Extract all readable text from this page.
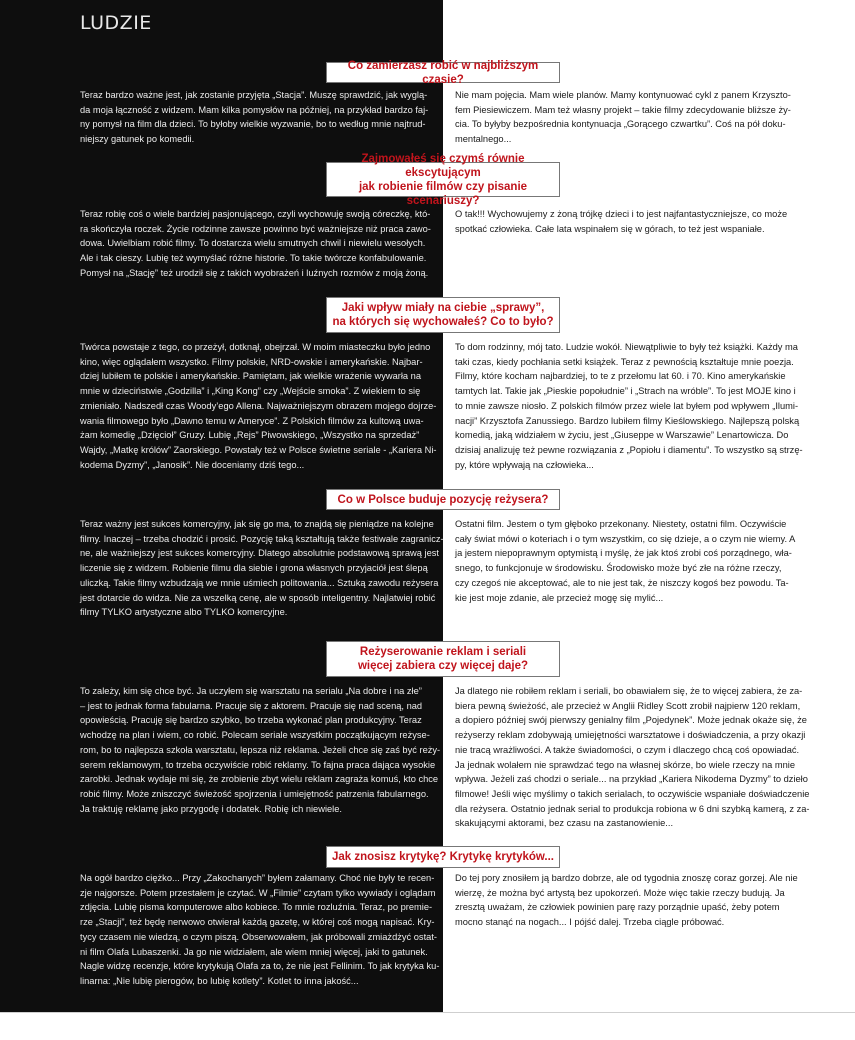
LUDZIE
Co zamierzasz robić w najbliższym czasie?
Teraz bardzo ważne jest, jak zostanie przyjęta „Stacja”. Muszę sprawdzić, jak wyglą-
da moja łączność z widzem. Mam kilka pomysłów na później, na przykład bardzo faj-
ny pomysł na film dla dzieci. To byłoby wielkie wyzwanie, bo to według mnie najtrud-
niejszy gatunek po komedii.
Nie mam pojęcia. Mam wiele planów. Mamy kontynuować cykl z panem Krzyszto-
fem Piesiewiczem. Mam też własny projekt – takie filmy zdecydowanie bliższe ży-
cia. To byłyby bezpośrednia kontynuacja „Gorącego czwartku”. Coś na pół doku-
mentalnego...
Zajmowałeś się czymś równie ekscytującym
jak robienie filmów czy pisanie scenariuszy?
Teraz robię coś o wiele bardziej pasjonującego, czyli wychowuję swoją córeczkę, któ-
ra skończyła roczek. Życie rodzinne zawsze powinno być ważniejsze niż praca zawo-
dowa. Uwielbiam robić filmy. To dostarcza wielu smutnych chwil i niewielu wesołych.
Ale i tak cieszy. Lubię też wymyślać różne historie. To takie twórcze konfabulowanie.
Pomysł na „Stację” też urodził się z takich wyobrażeń i luźnych rozmów z moją żoną.
O tak!!! Wychowujemy z żoną trójkę dzieci i to jest najfantastyczniejsze, co może
spotkać człowieka. Całe lata wspinałem się w górach, to też jest wspaniałe.
Jaki wpływ miały na ciebie „sprawy”,
na których się wychowałeś? Co to było?
Twórca powstaje z tego, co przeżył, dotknął, obejrzał. W moim miasteczku było jedno
kino, więc oglądałem wszystko. Filmy polskie, NRD-owskie i amerykańskie. Najbar-
dziej lubiłem te polskie i amerykańskie. Pamiętam, jak wielkie wrażenie wywarła na
mnie w dzieciństwie „Godzilla” i „King Kong” czy „Wejście smoka”. Z wiekiem to się
zmieniało. Nadszedł czas Woody’ego Allena. Najważniejszym obrazem mojego dojrze-
wania filmowego było „Dawno temu w Ameryce”. Z Polskich filmów za kultową uwa-
żam komedię „Dzięcioł” Gruzy. Lubię „Rejs” Piwowskiego, „Wszystko na sprzedaż”
Wajdy, „Matkę królów” Zaorskiego. Powstały też w Polsce świetne seriale - „Kariera Ni-
kodema Dyzmy”, „Janosik”. Nie doceniamy dziś tego...
To dom rodzinny, mój tato. Ludzie wokół. Niewątpliwie to były też książki. Każdy ma
taki czas, kiedy pochłania setki książek. Teraz z pewnością kształtuje mnie poezja.
Filmy, które kocham najbardziej, to te z przełomu lat 60. i 70. Kino amerykańskie
tamtych lat. Takie jak „Pieskie popołudnie” i „Strach na wróble”. To jest MOJE kino i
to mnie zawsze niosło. Z polskich filmów przez wiele lat byłem pod wpływem „Ilumi-
nacji” Krzysztofa Zanussiego. Bardzo lubiłem filmy Kieślowskiego. Najlepszą polską
komedią, jaką widziałem w życiu, jest „Giuseppe w Warszawie” Lenartowicza. Do
dzisiaj analizuję też pewne rozwiązania z „Popiołu i diamentu”. To wszystko są strzę-
py, które wpływają na człowieka...
Co w Polsce buduje pozycję reżysera?
Teraz ważny jest sukces komercyjny, jak się go ma, to znajdą się pieniądze na kolejne
filmy. Inaczej – trzeba chodzić i prosić. Pozycję taką kształtują także festiwale zagranicz-
ne, ale ważniejszy jest sukces komercyjny. Dlatego absolutnie podstawową sprawą jest
liczenie się z widzem. Robienie filmu dla siebie i grona własnych przyjaciół jest ślepą
uliczką. Takie filmy wzbudzają we mnie uśmiech politowania... Sztuką zawodu reżysera
jest dotarcie do widza. Nie za wszelką cenę, ale w sposób inteligentny. Najlatwiej robić
filmy TYLKO artystyczne albo TYLKO komercyjne.
Ostatni film. Jestem o tym głęboko przekonany. Niestety, ostatni film. Oczywiście
cały świat mówi o koteriach i o tym wszystkim, co się dzieje, a o czym nie wiemy. A
ja jestem niepoprawnym optymistą i myślę, że jak ktoś zrobi coś porządnego, wła-
snego, to funkcjonuje w środowisku. Środowisko może być złe na różne rzeczy,
czy czegoś nie akceptować, ale to nie jest tak, że niszczy kogoś bez powodu. Ta-
kie jest moje zdanie, ale przecież mogę się mylić...
Reżyserowanie reklam i seriali
więcej zabiera czy więcej daje?
To zależy, kim się chce być. Ja uczyłem się warsztatu na serialu „Na dobre i na złe”
– jest to jednak forma fabularna. Pracuje się z aktorem. Pracuje się nad sceną, nad
opowieścią. Pracuję się bardzo szybko, bo trzeba wykonać plan produkcyjny. Teraz
wchodzę na plan i wiem, co robić. Polecam seriale wszystkim początkującym reżyse-
rom, bo to najlepsza szkoła warsztatu, lepsza niż reklama. Jeżeli chce się zaś być reży-
serem reklamowym, to trzeba oczywiście robić reklamy. To fajna praca dająca wysokie
zarobki. Jednak wydaje mi się, że zrobienie zbyt wielu reklam zagraża komuś, kto chce
robić filmy. Może zniszczyć świeżość spojrzenia i umiejętność patrzenia fabularnego.
Ja traktuję reklamę jako przygodę i dodatek. Robię ich niewiele.
Ja dlatego nie robiłem reklam i seriali, bo obawiałem się, że to więcej zabiera, że za-
biera pewną świeżość, ale przecież w Anglii Ridley Scott zrobił najpierw 120 reklam,
a dopiero później swój pierwszy genialny film „Pojedynek”. Może jednak okaże się, że
reżyserzy reklam zdobywają umiejętności warsztatowe i doświadczenia, a przy okazji
nie tracą wrażliwości. A także świadomości, o czym i dlaczego chcą coś opowiadać.
Ja jednak wolałem nie sprawdzać tego na własnej skórze, bo wiele rzeczy na mnie
wpływa. Jeżeli zaś chodzi o seriale... na przykład „Kariera Nikodema Dyzmy” to dzieło
filmowe! Jeśli więc myślimy o takich serialach, to oczywiście wspaniałe doświadczenie
dla reżysera. Ostatnio jednak serial to produkcja robiona w 6 dni szybką kamerą, z za-
skakującymi aktorami, bez czasu na zastanowienie...
Jak znosisz krytykę? Krytykę krytyków...
Na ogół bardzo ciężko... Przy „Zakochanych” byłem załamany. Choć nie były te recen-
zje najgorsze. Potem przestałem je czytać. W „Filmie” czytam tylko wywiady i oglądam
zdjęcia. Lubię pisma komputerowe albo kobiece. To mnie rozluźnia. Teraz, po premie-
rze „Stacji”, też będę nerwowo otwierał każdą gazetę, w której coś mogą napisać. Kry-
tycy czasem nie wiedzą, o czym piszą. Obserwowałem, jak próbowali zmiażdżyć ostat-
ni film Olafa Lubaszenki. Ja go nie widziałem, ale wiem mniej więcej, jaki to gatunek.
Nagle widzę recenzje, które krytykują Olafa za to, że nie jest Fellinim. To jak krytyka ku-
linarna: „Nie lubię pierogów, bo lubię kotlety”. Kotlet to inna jakość...
Do tej pory znosiłem ją bardzo dobrze, ale od tygodnia znoszę coraz gorzej. Ale nie
wierzę, że można być artystą bez upokorzeń. Może więc takie rzeczy budują. Ja
zresztą uważam, że człowiek powinien parę razy porządnie upaść, żeby potem
mocno stanąć na nogach... I pójść dalej. Trzeba ciągle próbować.
